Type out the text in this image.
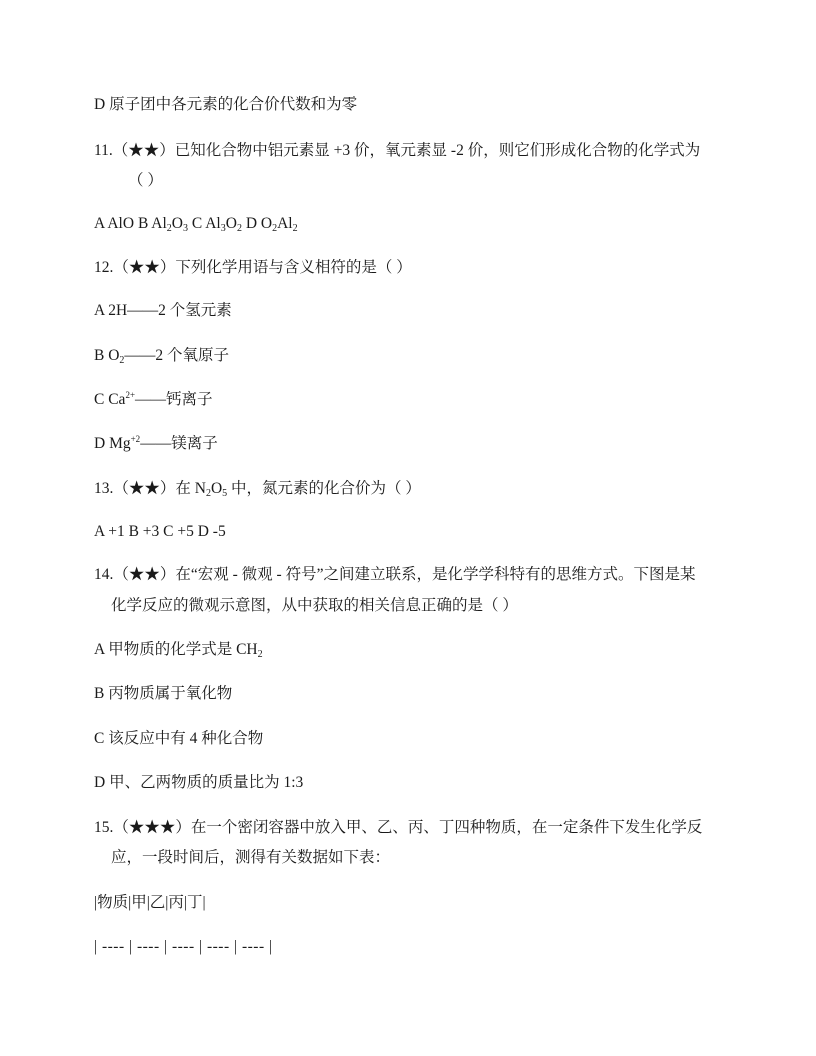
D 原子团中各元素的化合价代数和为零
11.（★★）已知化合物中铝元素显 +3 价，氧元素显 -2 价，则它们形成化合物的化学式为
（ ）
A AlO B $Al_2O_3$ C $Al_3O_2$ D $O_2Al_2$
12.（★★）下列化学用语与含义相符的是（ ）
A 2H——2 个氢元素
B $O_2——2$ 个氧原子
C $Ca^{2+}——$钙离子
D $Mg^{+2}——$镁离子
13.（★★）在 $N_2O_5$ 中，氮元素的化合价为（ ）
A +1 B +3 C +5 D -5
14.（★★）在“宏观 - 微观 - 符号”之间建立联系，是化学学科特有的思维方式。下图是某
化学反应的微观示意图，从中获取的相关信息正确的是（ ）
A 甲物质的化学式是 $CH_2$
B 丙物质属于氧化物
C 该反应中有 4 种化合物
D 甲、乙两物质的质量比为 1:3
15.（★★★）在一个密闭容器中放入甲、乙、丙、丁四种物质，在一定条件下发生化学反
应，一段时间后，测得有关数据如下表：
|物质|甲|乙|丙|丁|
| ---- | ---- | ---- | ---- | ---- |
